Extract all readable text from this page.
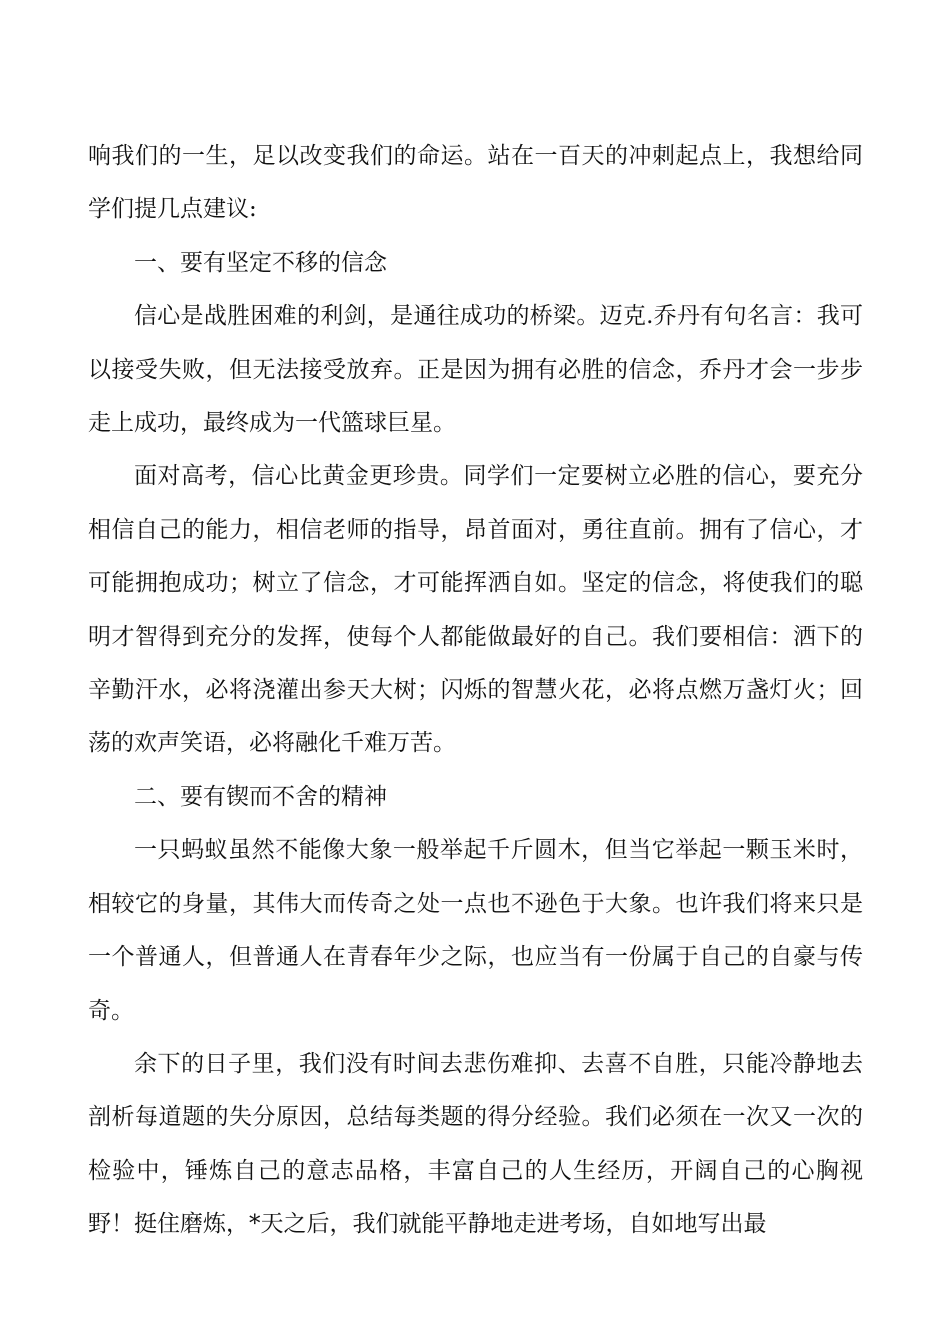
响我们的一生，足以改变我们的命运。站在一百天的冲刺起点上，我想给同学们提几点建议:

一、要有坚定不移的信念

信心是战胜困难的利剑，是通往成功的桥梁。迈克.乔丹有句名言：我可以接受失败，但无法接受放弃。正是因为拥有必胜的信念，乔丹才会一步步走上成功，最终成为一代篮球巨星。

面对高考，信心比黄金更珍贵。同学们一定要树立必胜的信心，要充分相信自己的能力，相信老师的指导，昂首面对，勇往直前。拥有了信心，才可能拥抱成功；树立了信念，才可能挥洒自如。坚定的信念，将使我们的聪明才智得到充分的发挥，使每个人都能做最好的自己。我们要相信：洒下的辛勤汗水，必将浇灌出参天大树；闪烁的智慧火花，必将点燃万盏灯火；回荡的欢声笑语，必将融化千难万苦。

二、要有锲而不舍的精神

一只蚂蚁虽然不能像大象一般举起千斤圆木，但当它举起一颗玉米时，相较它的身量，其伟大而传奇之处一点也不逊色于大象。也许我们将来只是一个普通人，但普通人在青春年少之际，也应当有一份属于自己的自豪与传奇。

余下的日子里，我们没有时间去悲伤难抑、去喜不自胜，只能冷静地去剖析每道题的失分原因，总结每类题的得分经验。我们必须在一次又一次的检验中，锤炼自己的意志品格，丰富自己的人生经历，开阔自己的心胸视野！挺住磨炼，*天之后，我们就能平静地走进考场，自如地写出最
